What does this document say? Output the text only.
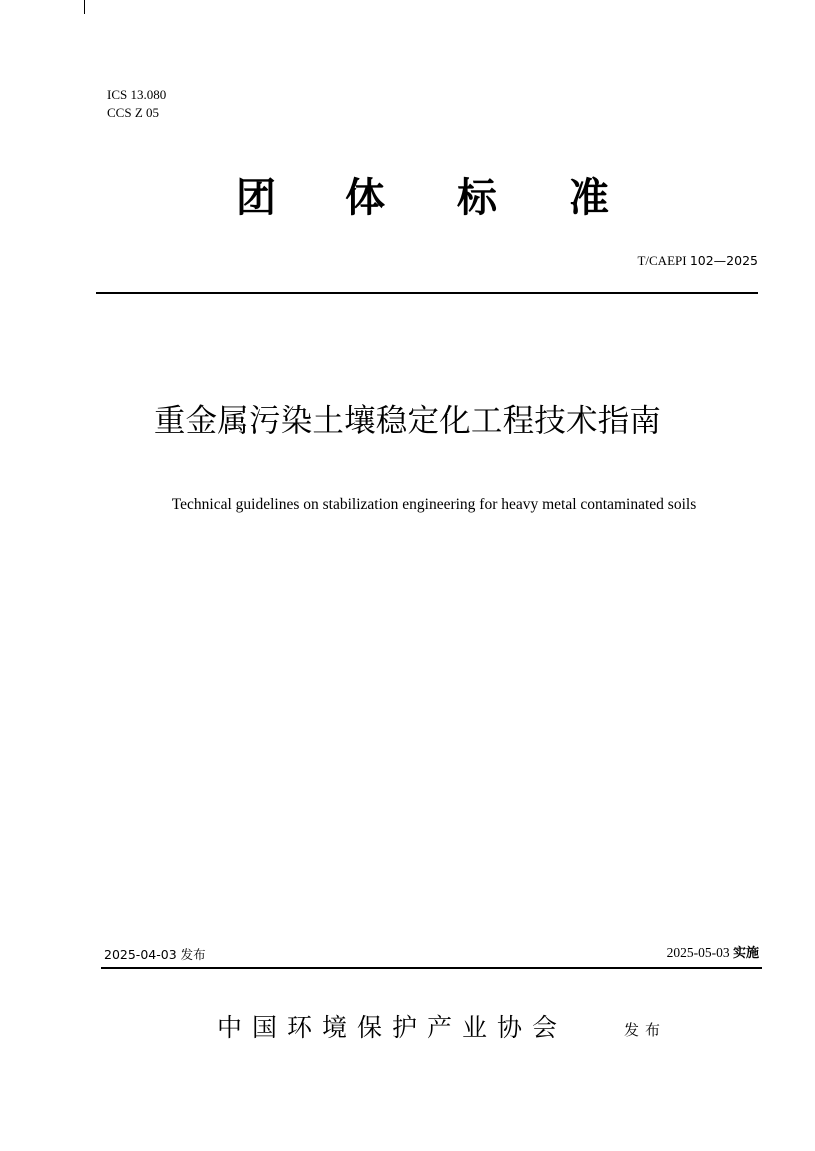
ICS 13.080
CCS Z 05
团 体 标 准
T/CAEPI 102—2025
重金属污染土壤稳定化工程技术指南
Technical guidelines on stabilization engineering for heavy metal contaminated soils
2025-04-03 发布	2025-05-03 实施
中国环境保护产业协会	发布
